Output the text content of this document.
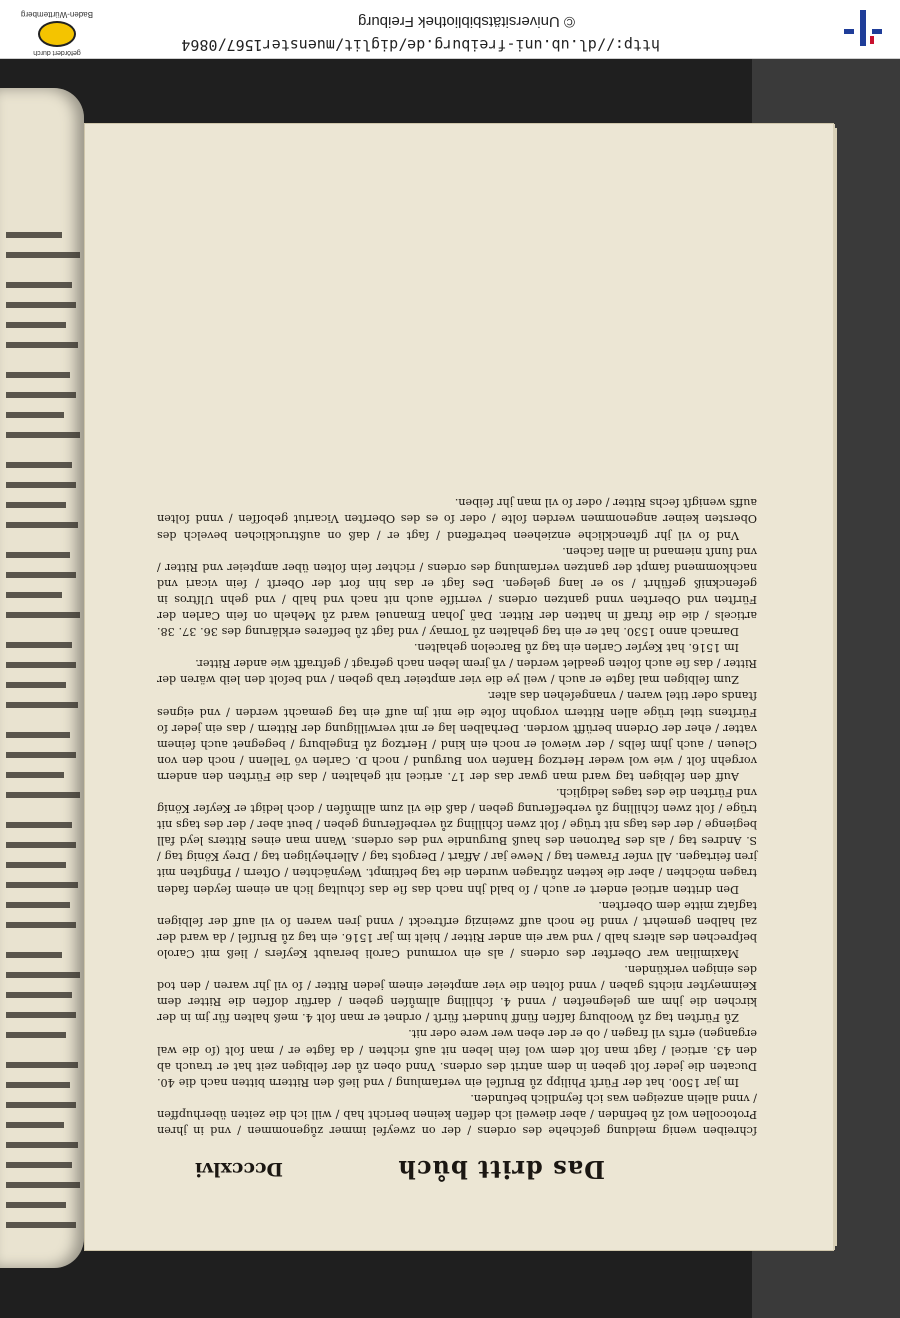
http://dl.ub.uni-freiburg.de/diglit/muenster1567/0864
© Universitätsbibliothek Freiburg
gefördert durch
Baden-Württemberg
Das dritt bůch
Dcccxlvi

ſchreiben wenig meldung geſchehe des ordens / der on zweyfel immer zůgenommen / vnd in jhren Protocollen wol zů befinden / aber dieweil ich deſſen keinen bericht hab / will ich die zeiten überhupffen / vnnd allein anzeigen was ich feyndlich befunden.

Im jar 1500. hat der Fürſt Philipp zů Bruſſel ein verſamlung / vnd ließ den Rittern bitten nach die 40. Ducaten die jeder ſolt geben in dem antrit des ordens. Vnnd oben zů der ſelbigen zeit hat er trauch ab den 43. articel / ſagt man ſolt dem wol ſein leben nit auß richten / da ſagte er / man ſolt (ſo die wal ergangen) erſts vil fragen / ob er der eben wer were oder nit.

Zů Fürſten tag zů Woolburg ſaſſen fünff hundert fürſt / ordnet er man ſolt 4. meß halten für jm in der kirchen die jhm am gelegneſten / vnnd 4. ſchilling allmůſen geben / darfür doſſen die Ritter dem Keinmeyſter nichts gaben / vnnd ſolten die vier ampteier einem jeden Ritter / ſo vil jhr waren / den tod des einigen verkünden.

Maximilian war Oberſter des ordens / als ein vormund Caroli beraubt Keyſers / ließ mit Carolo beſprechen des alters halb / vnd war ein ander Ritter / hielt im jar 1516. ein tag zů Bruſſel / da ward der zal halben gemehrt / vnnd ſie noch auff zweinzig erſtreckt / vnnd jren waren ſo vil auff der ſelbigen tagſatz mitte dem Oberſten.

Den dritten articel endert er auch / ſo bald jhn nach das ſie das ſchultag lich an einem ſeyden faden tragen möchten / aber die ketten zůtragen wurden die tag beſtimpt. Weynächten / Oſtern / Pfingſten mit jren feirtagen. All vnſer Frawen tag / Newe jar / Affart / Dergots tag / Allerheyligen tag / Drey König tag / S. Andres tag / als des Patronen des hauß Burgundie vnd des ordens. Wann man eines Ritters leyd fall begienge / der des tags nit trüge / ſolt zwen ſchilling zů verbeſſerung geben / beut aber / der des tags nit trüge / ſolt zwen ſchilling zů verbeſſerung geben / daß die vil zum allmůſen / doch ledigt er Keyſer König vnd Fürſten die des tages lediglich.

Auff den ſelbigen tag ward man gwar das der 17. articel nit gehalten / das die Fürſten den andern vorgehn ſolt / wie wol weder Hertzog Hanſen von Burgund / noch D. Carlen vö Tellenn / noch den von Cleuen / auch jhm ſelbs / der wiewol er noch ein kind / Hertzog zů Engelburg / begegnet auch ſeinem vatter / eher der Ordenn berüfft worden. Derhalben lag er mit verwilligung der Rittern / das ein jeder ſo Fürſtens titel trüge allen Rittern vorgohn ſolte die mit jm auff ein tag gemacht werden / vnd eignes ſtands oder titel waren / vnangeſehen das alter.

Zum ſelbigen mal ſagte er auch / weil ye die vier ampteier trab geben / vnd beſolt den leib wären der Ritter / das ſie auch ſolten geadlet werden / vñ jrem leben nach gefragt / geſtrafft wie ander Ritter.

Im 1516. hat Keyſer Carlen ein tag zů Barcelon gehalten.

Darnach anno 1530. hat er ein tag gehalten zů Tornay / vnd ſagt zů beſſeres erklärung des 36. 37. 38. articels / die die ſtraff in hatten der Ritter. Dañ Johan Emanuel ward zů Meheln on ſein Carlen der Fürſten vnd Oberſten vnnd gantzen ordens / verriſſe auch nit nach vnd halb / vnd gehn Ulſtros in gefenckniß geführt / so er lang gelegen. Des ſagt er das hin fort der Oberſt / ſein vicari vnd nachkommend ſampt der gantzen verſamlung des ordens / richter ſein ſolten über ampteier vnd Ritter / vnd ſunſt niemand in allen ſachen.

Vnd ſo vil jhr gſtenckliche enzieheen betreffend / ſagt er / daß on außtrucklichen bevelch des Obersten keiner angenommen werden ſolte / oder ſo es des Oberſten Vicariut geboſſen / vnnd ſolten auffs wenigſt ſechs Ritter / oder ſo vil man jhr ſeiben.
